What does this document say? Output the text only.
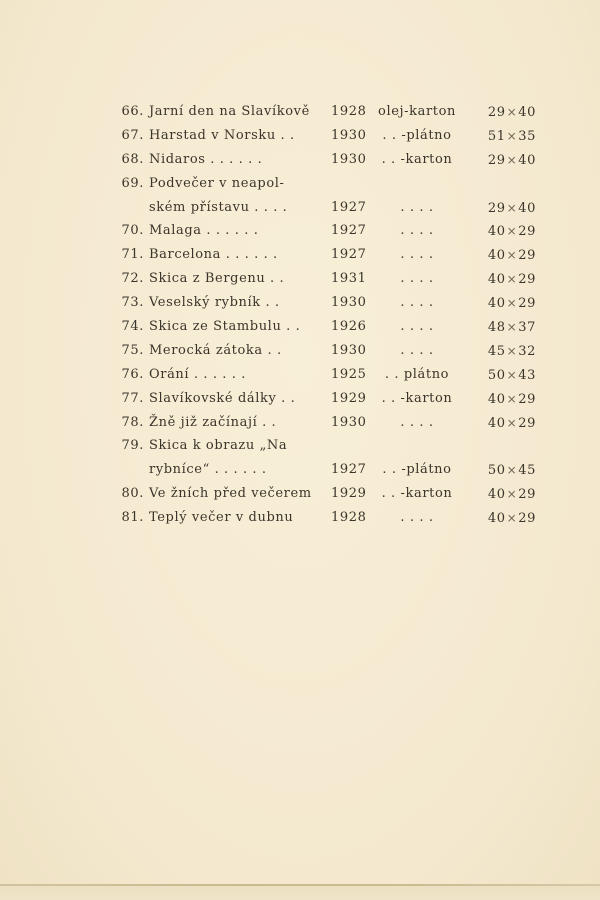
66. Jarní den na Slavíkově	1928 olej-karton	29×40
67. Harstad v Norsku . .	1930	. . -plátno	51×35
68. Nidaros . . . . . .	1930	. . -karton	29×40
69. Podvečer v neapol-
ském přístavu . . . .	1927	. . . .	29×40
70. Malaga . . . . . .	1927	. . . .	40×29
71. Barcelona . . . . . .	1927	. . . .	40×29
72. Skica z Bergenu . .	1931	. . . .	40×29
73. Veselský rybník . .	1930	. . . .	40×29
74. Skica ze Stambulu . .	1926	. . . .	48×37
75. Merocká zátoka . .	1930	. . . .	45×32
76. Orání . . . . . .	1925	. . plátno	50×43
77. Slavíkovské dálky . .	1929	. . -karton	40×29
78. Žně již začínají . .	1930	. . . .	40×29
79. Skica k obrazu „Na
rybníce“ . . . . . .	1927	. . -plátno	50×45
80. Ve žních před večerem	1929	. . -karton	40×29
81. Teplý večer v dubnu	1928	. . . .	40×29
